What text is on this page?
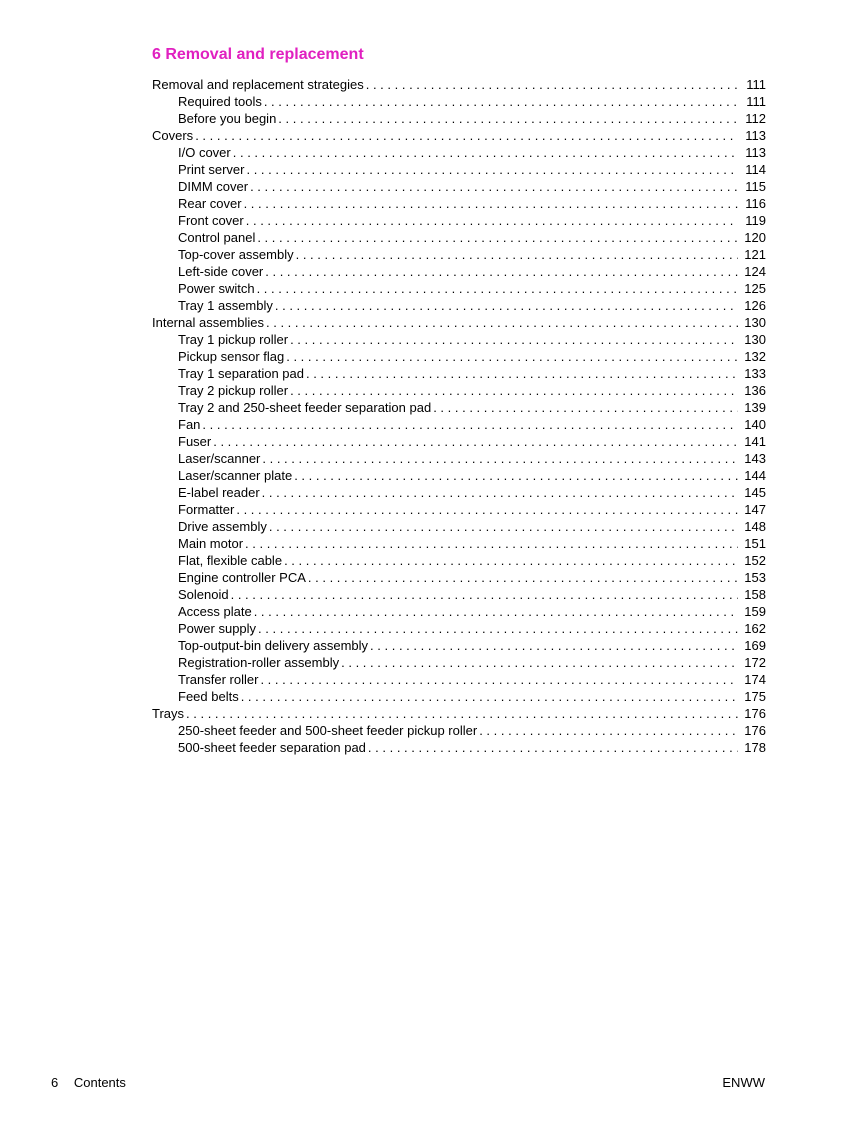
6 Removal and replacement
Removal and replacement strategies . . .	111
Required tools . . .	111
Before you begin . . .	112
Covers . . .	113
I/O cover . . .	113
Print server . . .	114
DIMM cover . . .	115
Rear cover . . .	116
Front cover . . .	119
Control panel . . .	120
Top-cover assembly . . .	121
Left-side cover . . .	124
Power switch . . .	125
Tray 1 assembly . . .	126
Internal assemblies . . .	130
Tray 1 pickup roller . . .	130
Pickup sensor flag . . .	132
Tray 1 separation pad . . .	133
Tray 2 pickup roller . . .	136
Tray 2 and 250-sheet feeder separation pad . . .	139
Fan . . .	140
Fuser . . .	141
Laser/scanner . . .	143
Laser/scanner plate . . .	144
E-label reader . . .	145
Formatter . . .	147
Drive assembly . . .	148
Main motor . . .	151
Flat, flexible cable . . .	152
Engine controller PCA . . .	153
Solenoid . . .	158
Access plate . . .	159
Power supply . . .	162
Top-output-bin delivery assembly . . .	169
Registration-roller assembly . . .	172
Transfer roller . . .	174
Feed belts . . .	175
Trays . . .	176
250-sheet feeder and 500-sheet feeder pickup roller . . .	176
500-sheet feeder separation pad . . .	178
6 Contents	ENWW
